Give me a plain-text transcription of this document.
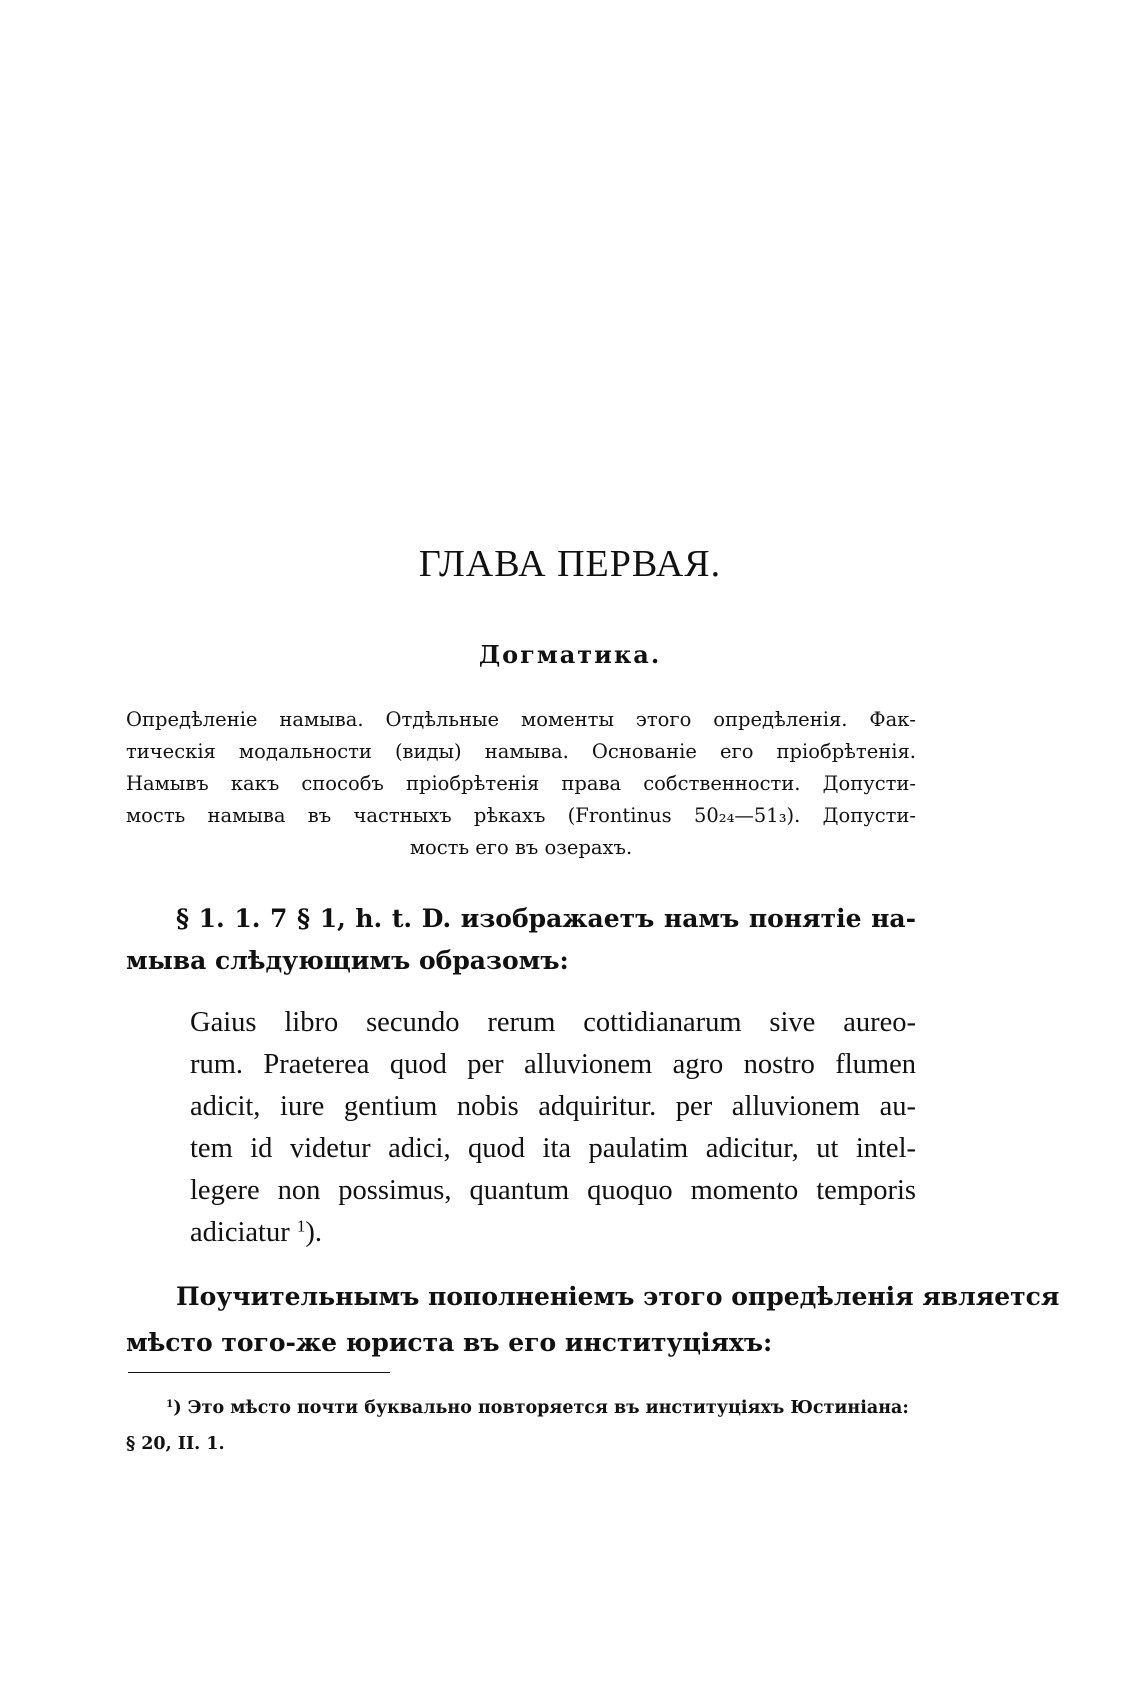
ГЛАВА ПЕРВАЯ.
Догматика.
Опредѣленіе намыва. Отдѣльные моменты этого опредѣленія. Фак-
тическія модальности (виды) намыва. Основаніе его пріобрѣтенія.
Намывъ какъ способъ пріобрѣтенія права собственности. Допусти-
мость намыва въ частныхъ рѣкахъ (Frontinus 50₂₄—51₃). Допусти-
мость его въ озерахъ.
§ 1. 1. 7 § 1, h. t. D. изображаетъ намъ понятіе на-
мыва слѣдующимъ образомъ:
Gaius libro secundo rerum cottidianarum sive aureo-
rum. Praeterea quod per alluvionem agro nostro flumen
adicit, iure gentium nobis adquiritur. per alluvionem au-
tem id videtur adici, quod ita paulatim adicitur, ut intel-
legere non possimus, quantum quoquo momento temporis
adiciatur $^1$).
Поучительнымъ пополненіемъ этого опредѣленія является
мѣсто того-же юриста въ его институціяхъ:
$^1$) Это мѣсто почти буквально повторяется въ институціяхъ Юстиніана:
§ 20, II. 1.
